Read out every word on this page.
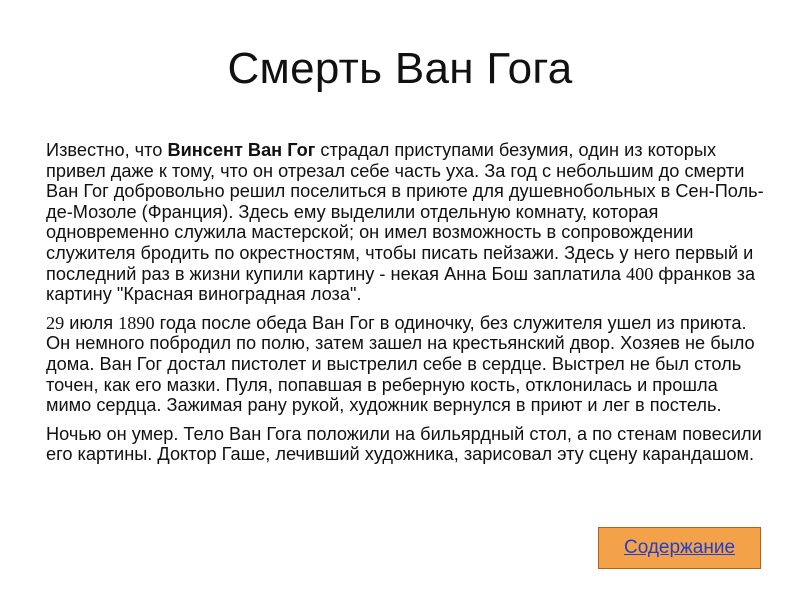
Смерть Ван Гога

Известно, что Винсент Ван Гог страдал приступами безумия, один из которых привел даже к тому, что он отрезал себе часть уха. За год с небольшим до смерти Ван Гог добровольно решил поселиться в приюте для душевнобольных в Сен-Поль-де-Мозоле (Франция). Здесь ему выделили отдельную комнату, которая одновременно служила мастерской; он имел возможность в сопровождении служителя бродить по окрестностям, чтобы писать пейзажи. Здесь у него первый и последний раз в жизни купили картину - некая Анна Бош заплатила 400 франков за картину "Красная виноградная лоза".

29 июля 1890 года после обеда Ван Гог в одиночку, без служителя ушел из приюта. Он немного побродил по полю, затем зашел на крестьянский двор. Хозяев не было дома. Ван Гог достал пистолет и выстрелил себе в сердце. Выстрел не был столь точен, как его мазки. Пуля, попавшая в реберную кость, отклонилась и прошла мимо сердца. Зажимая рану рукой, художник вернулся в приют и лег в постель.

Ночью он умер. Тело Ван Гога положили на бильярдный стол, а по стенам повесили его картины. Доктор Гаше, лечивший художника, зарисовал эту сцену карандашом.

Содержание
